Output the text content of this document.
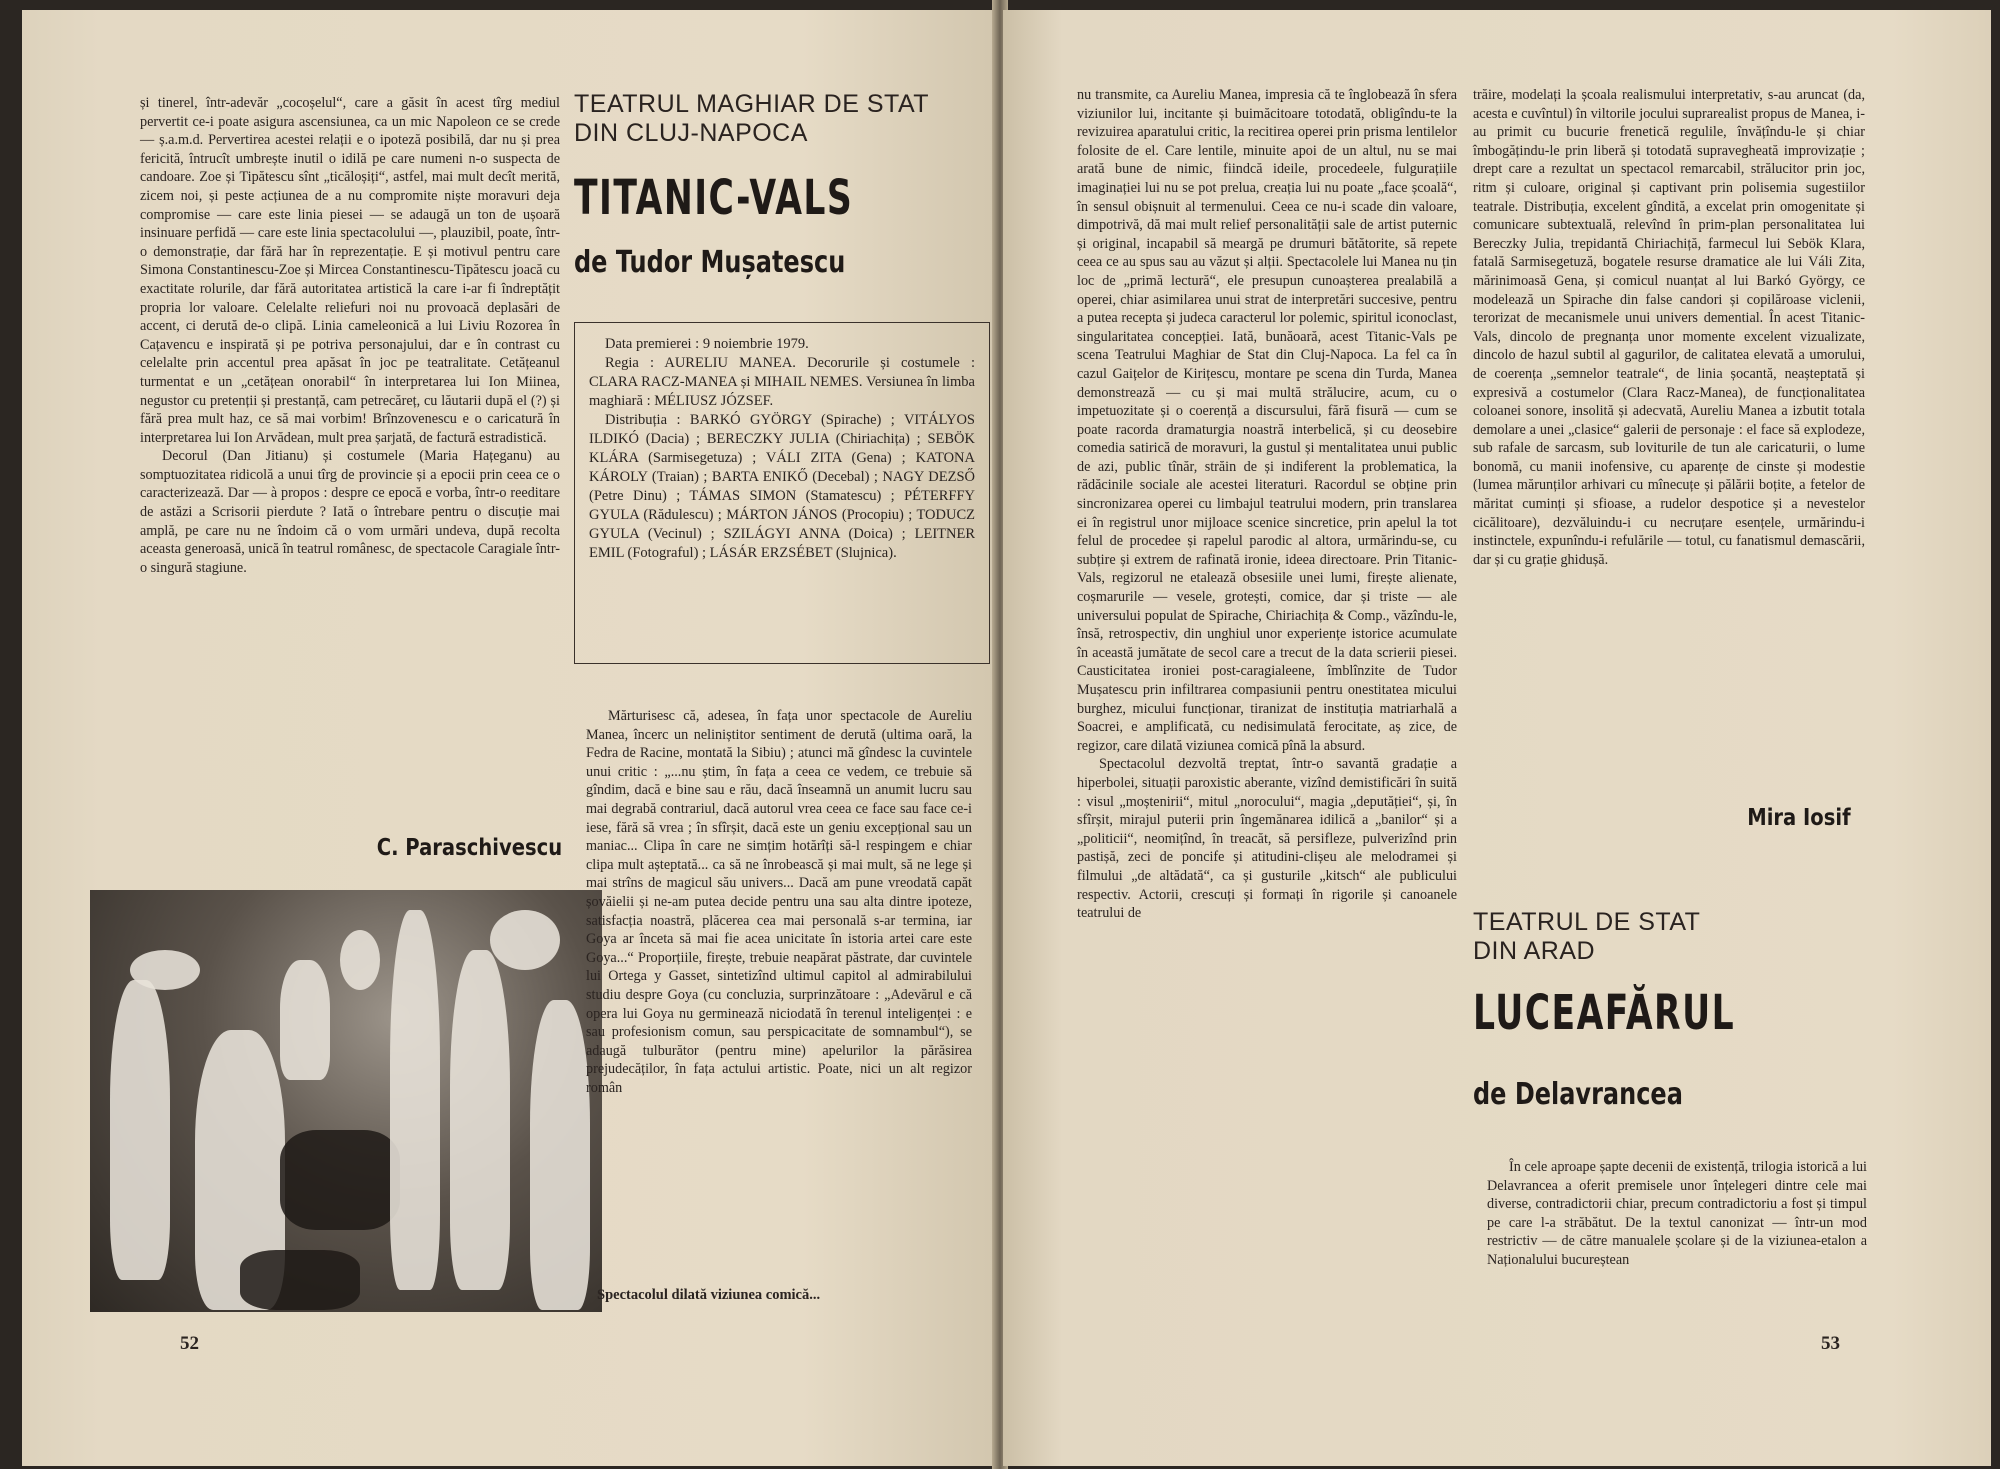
și tinerel, într-adevăr „cocoșelul“, care a găsit în acest tîrg mediul pervertit ce-i poate asigura ascensiunea, ca un mic Napoleon ce se crede — ș.a.m.d. Pervertirea acestei relații e o ipoteză posibilă, dar nu și prea fericită, întrucît umbrește inutil o idilă pe care numeni n-o suspecta de candoare. Zoe și Tipătescu sînt „ticăloșiți“, astfel, mai mult decît merită, zicem noi, și peste acțiunea de a nu compromite niște moravuri deja compromise — care este linia piesei — se adaugă un ton de ușoară insinuare perfidă — care este linia spectacolului —, plauzibil, poate, într-o demonstrație, dar fără har în reprezentație. E și motivul pentru care Simona Constantinescu-Zoe și Mircea Constantinescu-Tipătescu joacă cu exactitate rolurile, dar fără autoritatea artistică la care i-ar fi îndreptățit propria lor valoare. Celelalte reliefuri noi nu provoacă deplasări de accent, ci derută de-o clipă. Linia cameleonică a lui Liviu Rozorea în Cațavencu e inspirată și pe potriva personajului, dar e în contrast cu celelalte prin accentul prea apăsat în joc pe teatralitate. Cetățeanul turmentat e un „cetățean onorabil“ în interpretarea lui Ion Miinea, negustor cu pretenții și prestanță, cam petrecăreț, cu lăutarii după el (?) și fără prea mult haz, ce să mai vorbim! Brînzovenescu e o caricatură în interpretarea lui Ion Arvădean, mult prea șarjată, de factură estradistică.

Decorul (Dan Jitianu) și costumele (Maria Hațeganu) au somptuozitatea ridicolă a unui tîrg de provincie și a epocii prin ceea ce o caracterizează. Dar — à propos : despre ce epocă e vorba, într-o reeditare de astăzi a Scrisorii pierdute ? Iată o întrebare pentru o discuție mai amplă, pe care nu ne îndoim că o vom urmări undeva, după recolta aceasta generoasă, unică în teatrul românesc, de spectacole Caragiale într-o singură stagiune.

C. Paraschivescu

TEATRUL MAGHIAR DE STAT

DIN CLUJ-NAPOCA

TITANIC-VALS
de Tudor Mușatescu

Data premierei : 9 noiembrie 1979.

Regia : AURELIU MANEA. Decorurile și costumele : CLARA RACZ-MANEA și MIHAIL NEMES. Versiunea în limba maghiară : MÉLIUSZ JÓZSEF.

Distribuția : BARKÓ GYÖRGY (Spirache) ; VITÁLYOS ILDIKÓ (Dacia) ; BERECZKY JULIA (Chiriachița) ; SEBÖK KLÁRA (Sarmisegetuza) ; VÁLI ZITA (Gena) ; KATONA KÁROLY (Traian) ; BARTA ENIKŐ (Decebal) ; NAGY DEZSŐ (Petre Dinu) ; TÁMAS SIMON (Stamatescu) ; PÉTERFFY GYULA (Rădulescu) ; MÁRTON JÁNOS (Procopiu) ; TODUCZ GYULA (Vecinul) ; SZILÁGYI ANNA (Doica) ; LEITNER EMIL (Fotograful) ; LÁSÁR ERZSÉBET (Slujnica).

Mărturisesc că, adesea, în fața unor spectacole de Aureliu Manea, încerc un neliniștitor sentiment de derută (ultima oară, la Fedra de Racine, montată la Sibiu) ; atunci mă gîndesc la cuvintele unui critic : „...nu știm, în fața a ceea ce vedem, ce trebuie să gîndim, dacă e bine sau e rău, dacă înseamnă un anumit lucru sau mai degrabă contrariul, dacă autorul vrea ceea ce face sau face ce-i iese, fără să vrea ; în sfîrșit, dacă este un geniu excepțional sau un maniac... Clipa în care ne simțim hotărîți să-l respingem e chiar clipa mult așteptată... ca să ne înrobească și mai mult, să ne lege și mai strîns de magicul său univers... Dacă am pune vreodată capăt șovăielii și ne-am putea decide pentru una sau alta dintre ipoteze, satisfacția noastră, plăcerea cea mai personală s-ar termina, iar Goya ar înceta să mai fie acea unicitate în istoria artei care este Goya...“ Proporțiile, firește, trebuie neapărat păstrate, dar cuvintele lui Ortega y Gasset, sintetizînd ultimul capitol al admirabilului studiu despre Goya (cu concluzia, surprinzătoare : „Adevărul e că opera lui Goya nu germinează niciodată în terenul inteligenței : e sau profesionism comun, sau perspicacitate de somnambul“), se adaugă tulburător (pentru mine) apelurilor la părăsirea prejudecăților, în fața actului artistic. Poate, nici un alt regizor român

Spectacolul dilată viziunea comică...
52

nu transmite, ca Aureliu Manea, impresia că te înglobează în sfera viziunilor lui, incitante și buimăcitoare totodată, obligîndu-te la revizuirea aparatului critic, la recitirea operei prin prisma lentilelor folosite de el. Care lentile, minuite apoi de un altul, nu se mai arată bune de nimic, fiindcă ideile, procedeele, fulgurațiile imaginației lui nu se pot prelua, creația lui nu poate „face școală“, în sensul obișnuit al termenului. Ceea ce nu-i scade din valoare, dimpotrivă, dă mai mult relief personalității sale de artist puternic și original, incapabil să meargă pe drumuri bătătorite, să repete ceea ce au spus sau au văzut și alții. Spectacolele lui Manea nu țin loc de „primă lectură“, ele presupun cunoașterea prealabilă a operei, chiar asimilarea unui strat de interpretări succesive, pentru a putea recepta și judeca caracterul lor polemic, spiritul iconoclast, singularitatea concepției. Iată, bunăoară, acest Titanic-Vals pe scena Teatrului Maghiar de Stat din Cluj-Napoca. La fel ca în cazul Gaițelor de Kirițescu, montare pe scena din Turda, Manea demonstrează — cu și mai multă strălucire, acum, cu o impetuozitate și o coerență a discursului, fără fisură — cum se poate racorda dramaturgia noastră interbelică, și cu deosebire comedia satirică de moravuri, la gustul și mentalitatea unui public de azi, public tînăr, străin de și indiferent la problematica, la rădăcinile sociale ale acestei literaturi. Racordul se obține prin sincronizarea operei cu limbajul teatrului modern, prin translarea ei în registrul unor mijloace scenice sincretice, prin apelul la tot felul de procedee și rapelul parodic al altora, urmărindu-se, cu subțire și extrem de rafinată ironie, ideea directoare. Prin Titanic-Vals, regizorul ne etalează obsesiile unei lumi, firește alienate, coșmarurile — vesele, grotești, comice, dar și triste — ale universului populat de Spirache, Chiriachița & Comp., văzîndu-le, însă, retrospectiv, din unghiul unor experiențe istorice acumulate în această jumătate de secol care a trecut de la data scrierii piesei. Causticitatea ironiei post-caragialeene, îmblînzite de Tudor Mușatescu prin infiltrarea compasiunii pentru onestitatea micului burghez, micului funcționar, tiranizat de instituția matriarhală a Soacrei, e amplificată, cu nedisimulată ferocitate, aș zice, de regizor, care dilată viziunea comică pînă la absurd.

Spectacolul dezvoltă treptat, într-o savantă gradație a hiperbolei, situații paroxistic aberante, vizînd demistificări în suită : visul „moștenirii“, mitul „norocului“, magia „deputăției“, și, în sfîrșit, mirajul puterii prin îngemănarea idilică a „banilor“ și a „politicii“, neomițînd, în treacăt, să persifleze, pulverizînd prin pastișă, zeci de poncife și atitudini-clișeu ale melodramei și filmului „de altădată“, ca și gusturile „kitsch“ ale publicului respectiv. Actorii, crescuți și formați în rigorile și canoanele teatrului de

trăire, modelați la școala realismului interpretativ, s-au aruncat (da, acesta e cuvîntul) în viltorile jocului suprarealist propus de Manea, i-au primit cu bucurie frenetică regulile, învățîndu-le și chiar îmbogățindu-le prin liberă și totodată supravegheată improvizație ; drept care a rezultat un spectacol remarcabil, strălucitor prin joc, ritm și culoare, original și captivant prin polisemia sugestiilor teatrale. Distribuția, excelent gîndită, a excelat prin omogenitate și comunicare subtextuală, relevînd în prim-plan personalitatea lui Bereczky Julia, trepidantă Chiriachiță, farmecul lui Sebök Klara, fatală Sarmisegetuză, bogatele resurse dramatice ale lui Váli Zita, mărinimoasă Gena, și comicul nuanțat al lui Barkó György, ce modelează un Spirache din false candori și copilăroase viclenii, terorizat de mecanismele unui univers demential. În acest Titanic-Vals, dincolo de pregnanța unor momente excelent vizualizate, dincolo de hazul subtil al gagurilor, de calitatea elevată a umorului, de coerența „semnelor teatrale“, de linia șocantă, neașteptată și expresivă a costumelor (Clara Racz-Manea), de funcționalitatea coloanei sonore, insolită și adecvată, Aureliu Manea a izbutit totala demolare a unei „clasice“ galerii de personaje : el face să explodeze, sub rafale de sarcasm, sub loviturile de tun ale caricaturii, o lume bonomă, cu manii inofensive, cu aparențe de cinste și modestie (lumea mărunților arhivari cu mînecuțe și pălării boțite, a fetelor de măritat cuminți și sfioase, a rudelor despotice și a nevestelor cicălitoare), dezvăluindu-i cu necruțare esențele, urmărindu-i instinctele, expunîndu-i refulările — totul, cu fanatismul demascării, dar și cu grație ghidușă.

Mira Iosif

TEATRUL DE STAT

DIN ARAD

LUCEAFĂRUL
de Delavrancea

În cele aproape șapte decenii de existență, trilogia istorică a lui Delavrancea a oferit premisele unor înțelegeri dintre cele mai diverse, contradictorii chiar, precum contradictoriu a fost și timpul pe care l-a străbătut. De la textul canonizat — într-un mod restrictiv — de către manualele școlare și de la viziunea-etalon a Naționalului bucureștean

53
